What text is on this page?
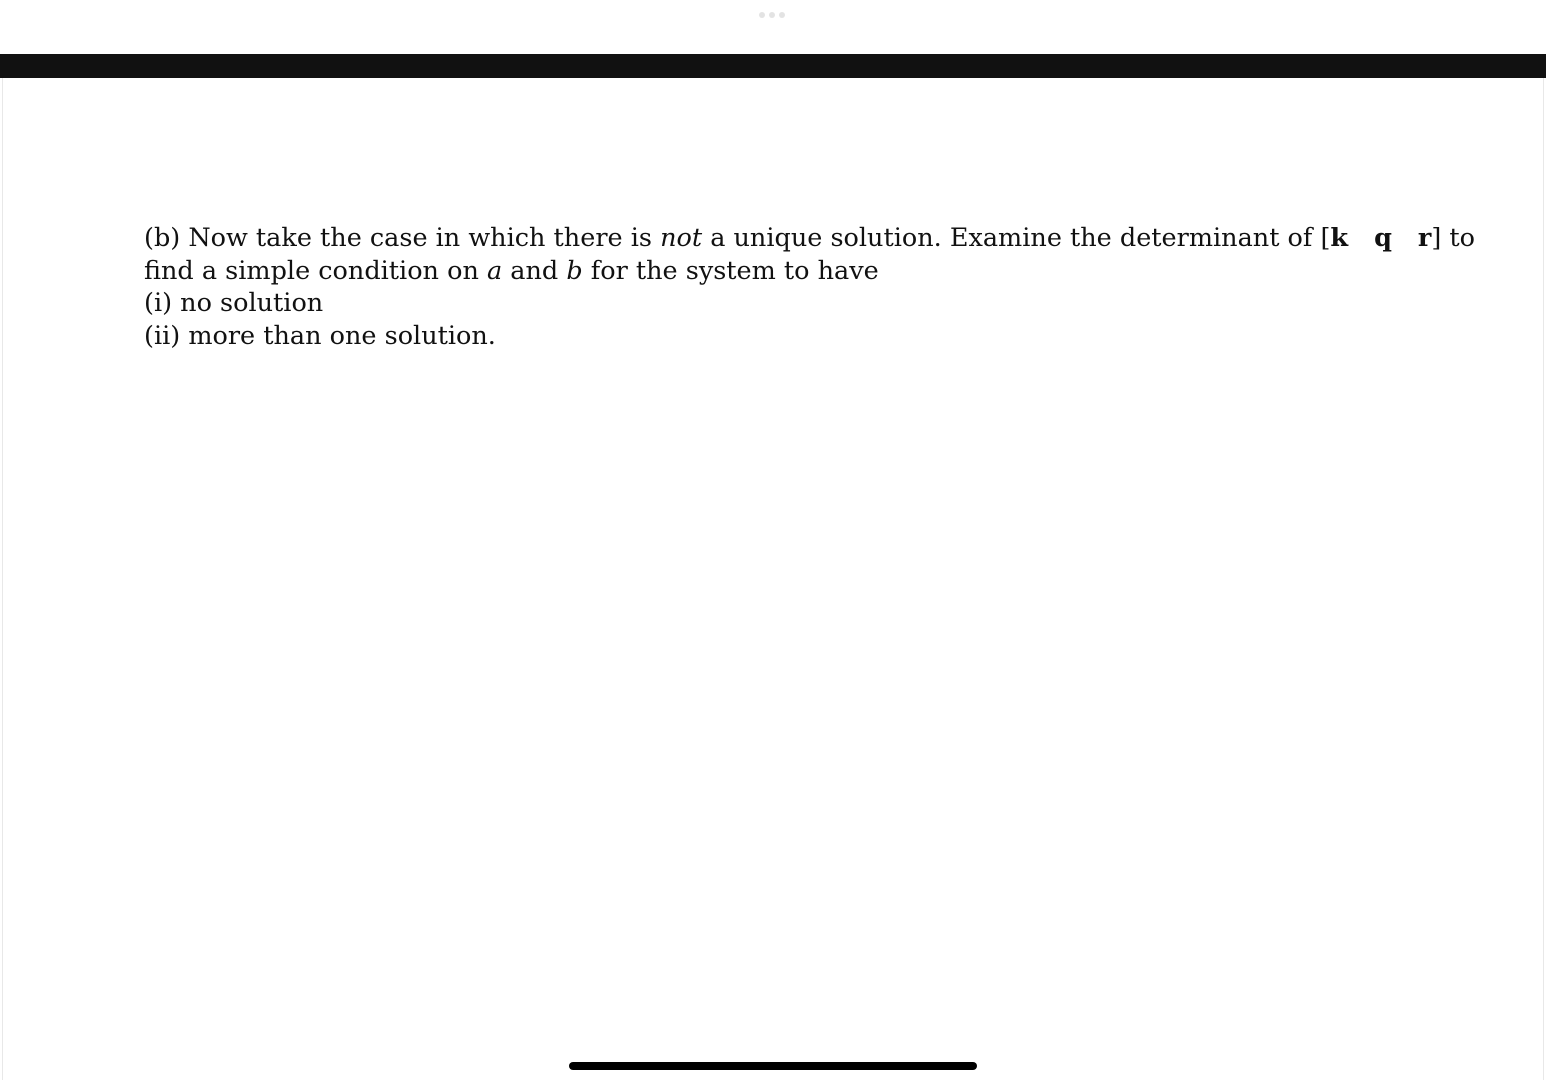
(b) Now take the case in which there is not a unique solution. Examine the determinant of [k q r] to
find a simple condition on a and b for the system to have
(i) no solution
(ii) more than one solution.
